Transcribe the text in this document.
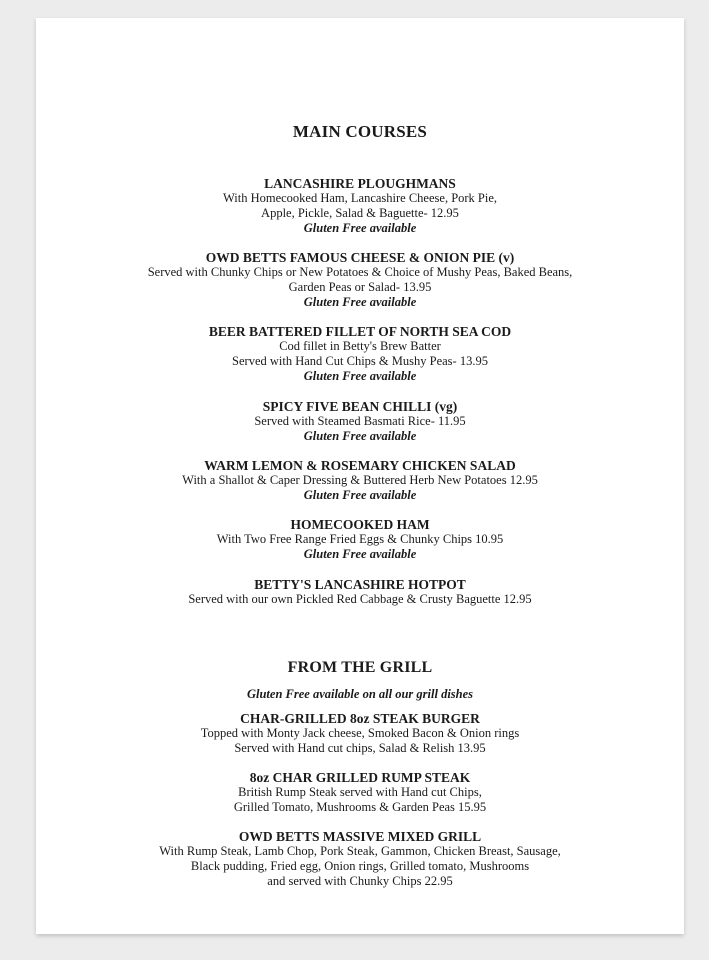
MAIN COURSES
LANCASHIRE PLOUGHMANS
With Homecooked Ham, Lancashire Cheese, Pork Pie,
Apple, Pickle, Salad & Baguette- 12.95
Gluten Free available
OWD BETTS FAMOUS CHEESE & ONION PIE (v)
Served with Chunky Chips or New Potatoes & Choice of Mushy Peas, Baked Beans,
Garden Peas or Salad- 13.95
Gluten Free available
BEER BATTERED FILLET OF NORTH SEA COD
Cod fillet in Betty's Brew Batter
Served with Hand Cut Chips & Mushy Peas- 13.95
Gluten Free available
SPICY FIVE BEAN CHILLI (vg)
Served with Steamed Basmati Rice- 11.95
Gluten Free available
WARM LEMON & ROSEMARY CHICKEN SALAD
With a Shallot & Caper Dressing & Buttered Herb New Potatoes 12.95
Gluten Free available
HOMECOOKED HAM
With Two Free Range Fried Eggs & Chunky Chips 10.95
Gluten Free available
BETTY'S LANCASHIRE HOTPOT
Served with our own Pickled Red Cabbage & Crusty Baguette 12.95
FROM THE GRILL
Gluten Free available on all our grill dishes
CHAR-GRILLED 8oz STEAK BURGER
Topped with Monty Jack cheese, Smoked Bacon & Onion rings
Served with Hand cut chips, Salad & Relish 13.95
8oz CHAR GRILLED RUMP STEAK
British Rump Steak served with Hand cut Chips,
Grilled Tomato, Mushrooms & Garden Peas 15.95
OWD BETTS MASSIVE MIXED GRILL
With Rump Steak, Lamb Chop, Pork Steak, Gammon, Chicken Breast, Sausage,
Black pudding, Fried egg, Onion rings, Grilled tomato, Mushrooms
and served with Chunky Chips 22.95
